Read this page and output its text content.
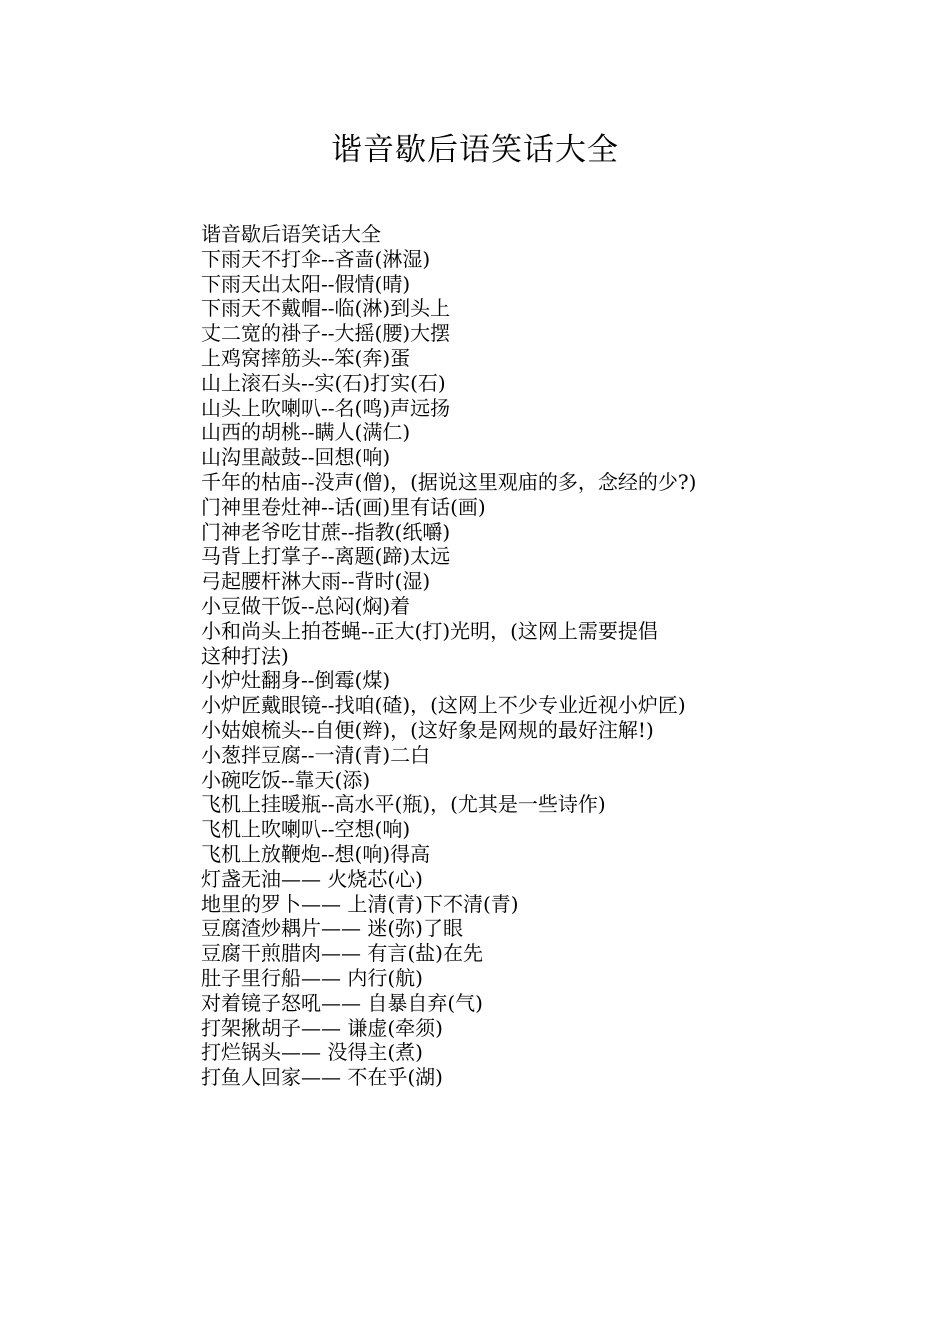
谐音歇后语笑话大全
谐音歇后语笑话大全
下雨天不打伞--吝啬(淋湿)
下雨天出太阳--假情(晴)
下雨天不戴帽--临(淋)到头上
丈二宽的褂子--大摇(腰)大摆
上鸡窝摔筋头--笨(奔)蛋
山上滚石头--实(石)打实(石)
山头上吹喇叭--名(鸣)声远扬
山西的胡桃--瞒人(满仁)
山沟里敲鼓--回想(响)
千年的枯庙--没声(僧)，(据说这里观庙的多，念经的少?)
门神里卷灶神--话(画)里有话(画)
门神老爷吃甘蔗--指教(纸嚼)
马背上打掌子--离题(蹄)太远
弓起腰杆淋大雨--背时(湿)
小豆做干饭--总闷(焖)着
小和尚头上拍苍蝇--正大(打)光明，(这网上需要提倡
这种打法)
小炉灶翻身--倒霉(煤)
小炉匠戴眼镜--找咱(碴)，(这网上不少专业近视小炉匠)
小姑娘梳头--自便(辫)，(这好象是网规的最好注解!)
小葱拌豆腐--一清(青)二白
小碗吃饭--靠天(添)
飞机上挂暖瓶--高水平(瓶)，(尤其是一些诗作)
飞机上吹喇叭--空想(响)
飞机上放鞭炮--想(响)得高
灯盏无油—— 火烧芯(心)
地里的罗卜—— 上清(青)下不清(青)
豆腐渣炒耦片—— 迷(弥)了眼
豆腐干煎腊肉—— 有言(盐)在先
肚子里行船—— 内行(航)
对着镜子怒吼—— 自暴自弃(气)
打架揪胡子—— 谦虚(牵须)
打烂锅头—— 没得主(煮)
打鱼人回家—— 不在乎(湖)
